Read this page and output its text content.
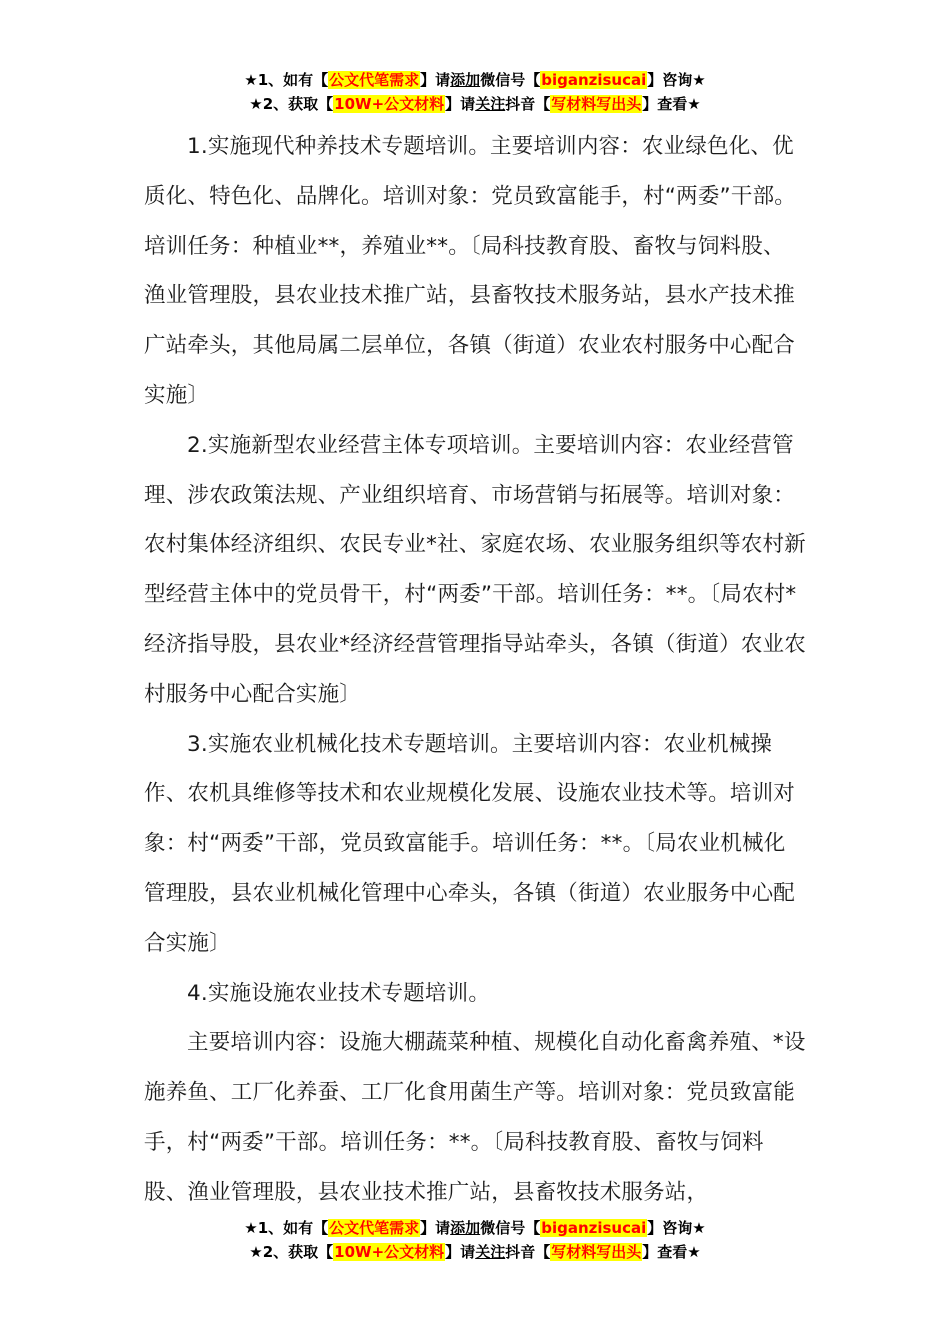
★1、如有【公文代笔需求】请添加微信号【biganzisucai】咨询★
★2、获取【10W+公文材料】请关注抖音【写材料写出头】查看★

1.实施现代种养技术专题培训。主要培训内容：农业绿色化、优质化、特色化、品牌化。培训对象：党员致富能手，村“两委”干部。培训任务：种植业**，养殖业**。〔局科技教育股、畜牧与饲料股、渔业管理股，县农业技术推广站，县畜牧技术服务站，县水产技术推广站牵头，其他局属二层单位，各镇（街道）农业农村服务中心配合实施〕

2.实施新型农业经营主体专项培训。主要培训内容：农业经营管理、涉农政策法规、产业组织培育、市场营销与拓展等。培训对象：农村集体经济组织、农民专业*社、家庭农场、农业服务组织等农村新型经营主体中的党员骨干，村“两委”干部。培训任务：**。〔局农村*经济指导股，县农业*经济经营管理指导站牵头，各镇（街道）农业农村服务中心配合实施〕

3.实施农业机械化技术专题培训。主要培训内容：农业机械操作、农机具维修等技术和农业规模化发展、设施农业技术等。培训对象：村“两委”干部，党员致富能手。培训任务：**。〔局农业机械化管理股，县农业机械化管理中心牵头，各镇（街道）农业服务中心配合实施〕

4.实施设施农业技术专题培训。

主要培训内容：设施大棚蔬菜种植、规模化自动化畜禽养殖、*设施养鱼、工厂化养蚕、工厂化食用菌生产等。培训对象：党员致富能手，村“两委”干部。培训任务：**。〔局科技教育股、畜牧与饲料股、渔业管理股，县农业技术推广站，县畜牧技术服务站，

★1、如有【公文代笔需求】请添加微信号【biganzisucai】咨询★
★2、获取【10W+公文材料】请关注抖音【写材料写出头】查看★
